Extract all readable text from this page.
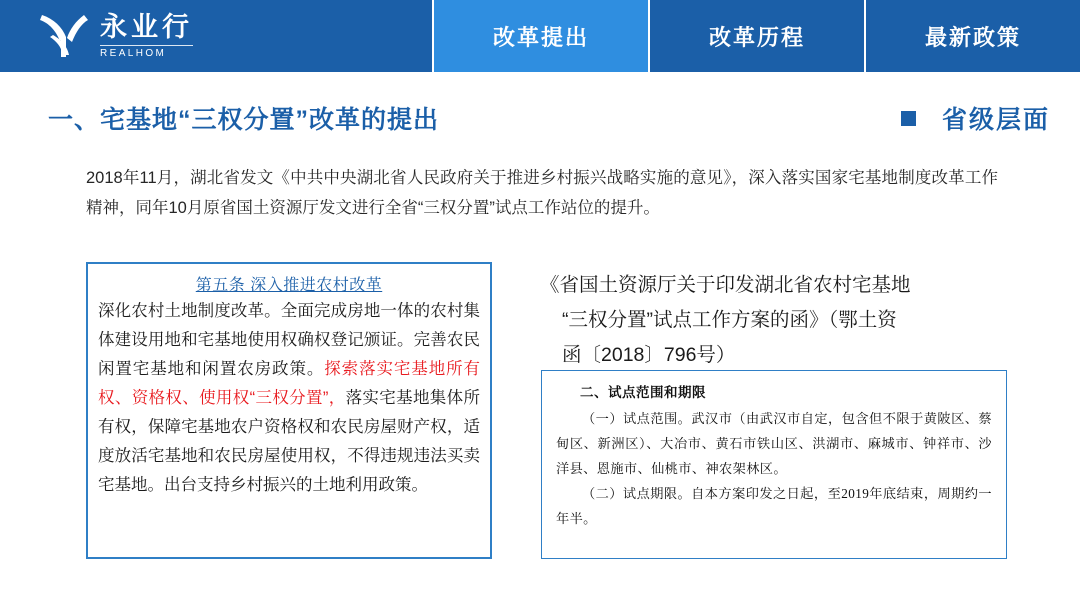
永业行
REALHOM
改革提出	改革历程	最新政策
一、宅基地“三权分置”改革的提出	省级层面
2018年11月，湖北省发文《中共中央湖北省人民政府关于推进乡村振兴战略实施的意见》，深入落实国家宅基地制度改革工作精神，同年10月原省国土资源厅发文进行全省“三权分置”试点工作站位的提升。
第五条 深入推进农村改革
深化农村土地制度改革。全面完成房地一体的农村集体建设用地和宅基地使用权确权登记颁证。完善农民闲置宅基地和闲置农房政策。探索落实宅基地所有权、资格权、使用权“三权分置”，落实宅基地集体所有权，保障宅基地农户资格权和农民房屋财产权，适度放活宅基地和农民房屋使用权，不得违规违法买卖宅基地。出台支持乡村振兴的土地利用政策。
《省国土资源厅关于印发湖北省农村宅基地
“三权分置”试点工作方案的函》（鄂土资
函〔2018〕796号）
二、试点范围和期限
（一）试点范围。武汉市（由武汉市自定，包含但不限于黄陂区、蔡甸区、新洲区）、大冶市、黄石市铁山区、洪湖市、麻城市、钟祥市、沙洋县、恩施市、仙桃市、神农架林区。
（二）试点期限。自本方案印发之日起，至2019年底结束，周期约一年半。
